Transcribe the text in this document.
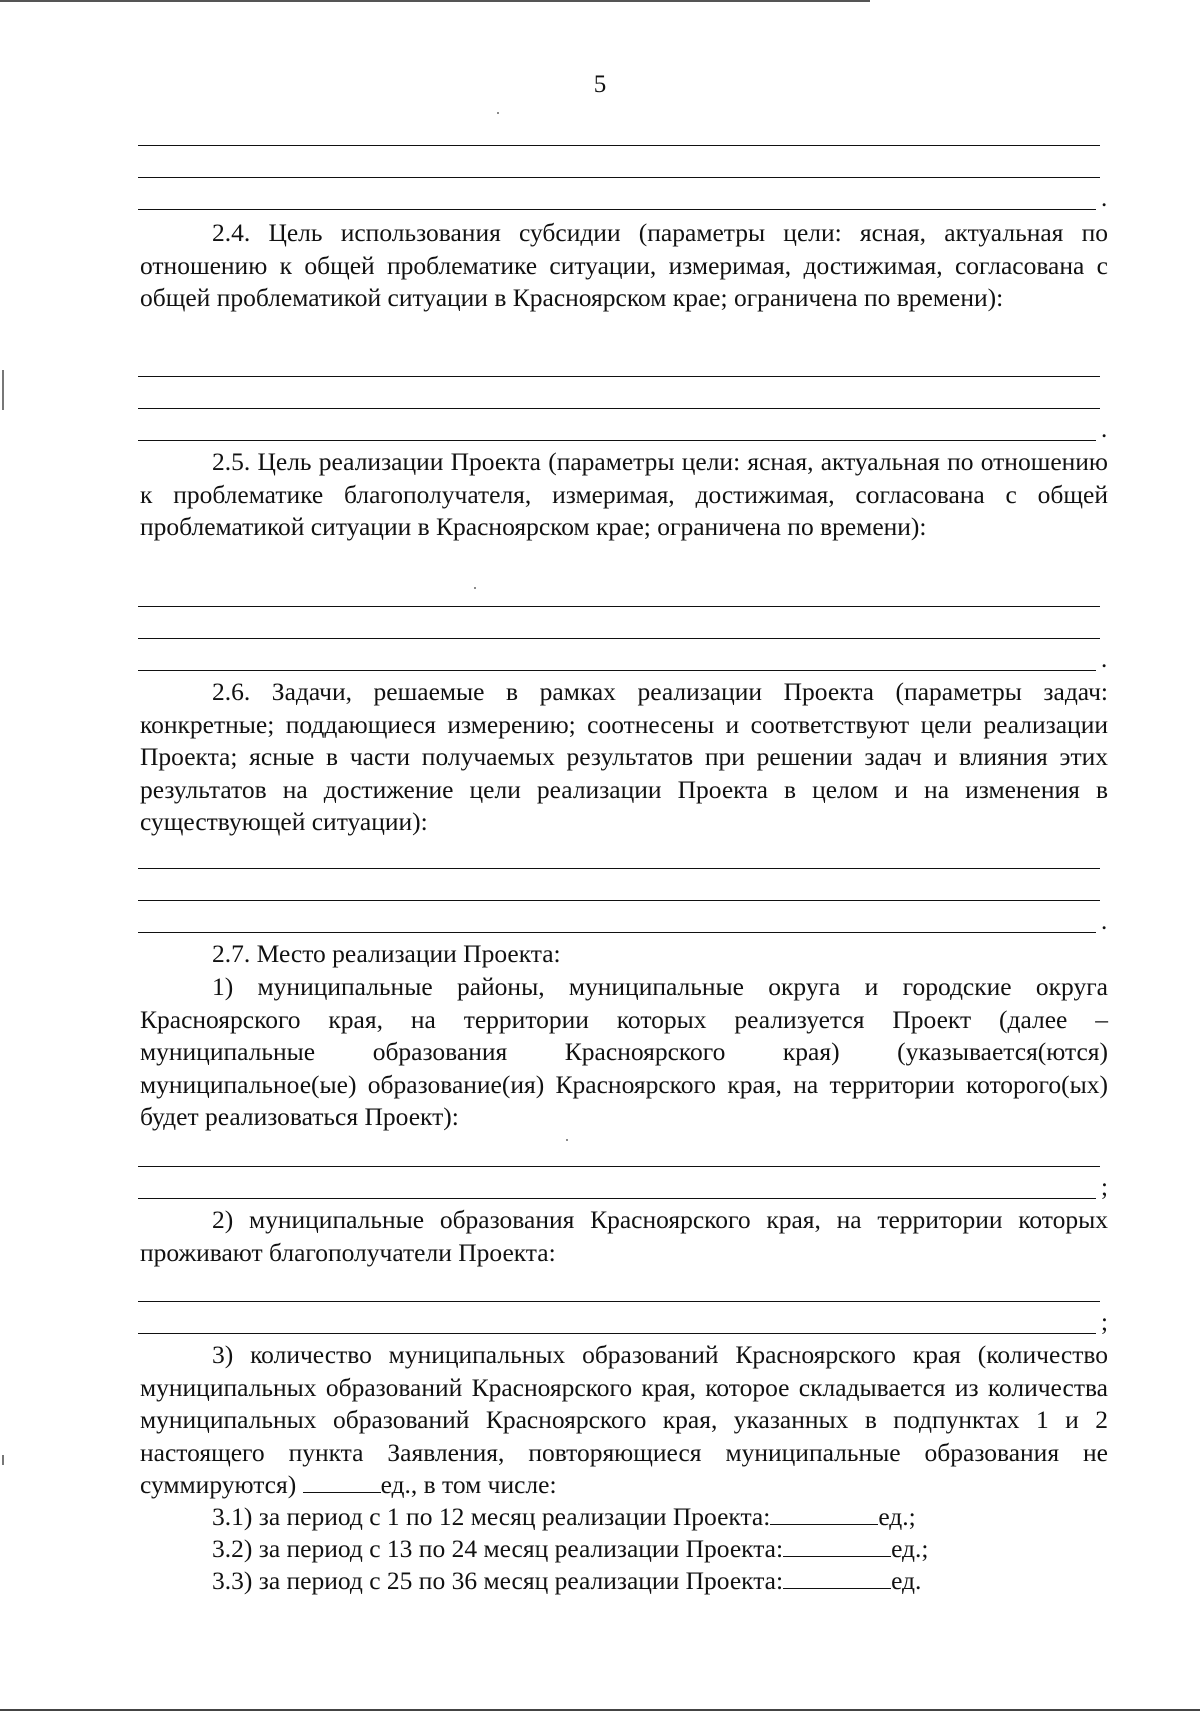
5
.

2.4. Цель использования субсидии (параметры цели: ясная, актуальная по отношению к общей проблематике ситуации, измеримая, достижимая, согласована с общей проблематикой ситуации в Красноярском крае; ограничена по времени):

.

2.5. Цель реализации Проекта (параметры цели: ясная, актуальная по отношению к проблематике благополучателя, измеримая, достижимая, согласована с общей проблематикой ситуации в Красноярском крае; ограничена по времени):

.

2.6. Задачи, решаемые в рамках реализации Проекта (параметры задач: конкретные; поддающиеся измерению; соотнесены и соответствуют цели реализации Проекта; ясные в части получаемых результатов при решении задач и влияния этих результатов на достижение цели реализации Проекта в целом и на изменения в существующей ситуации):

.
2.7. Место реализации Проекта:

1) муниципальные районы, муниципальные округа и городские округа Красноярского края, на территории которых реализуется Проект (далее – муниципальные образования Красноярского края) (указывается(ются) муниципальное(ые) образование(ия) Красноярского края, на территории которого(ых) будет реализоваться Проект):

;

2) муниципальные образования Красноярского края, на территории которых проживают благополучатели Проекта:

;

3) количество муниципальных образований Красноярского края (количество муниципальных образований Красноярского края, которое складывается из количества муниципальных образований Красноярского края, указанных в подпунктах 1 и 2 настоящего пункта Заявления, повторяющиеся муниципальные образования не суммируются)	ед., в том числе:

3.1) за период с 1 по 12 месяц реализации Проекта:	ед.;
3.2) за период с 13 по 24 месяц реализации Проекта:	ед.;
3.3) за период с 25 по 36 месяц реализации Проекта:	ед.
